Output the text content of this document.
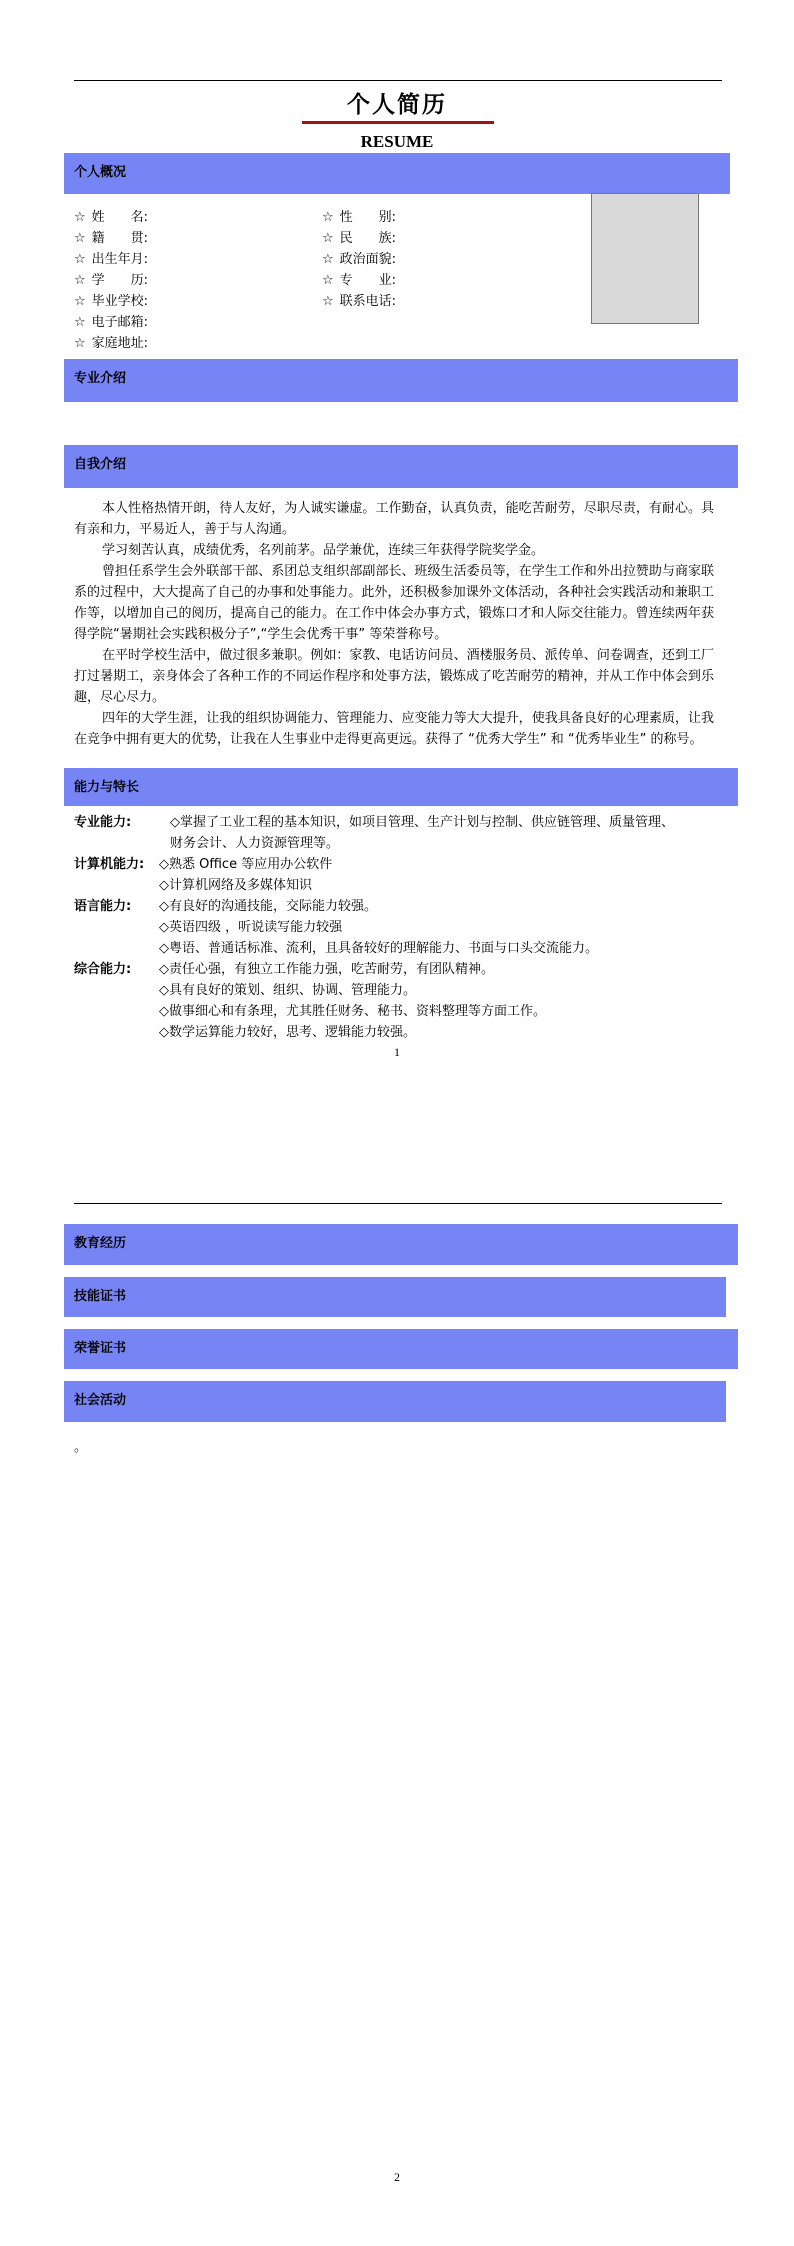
个人简历
RESUME
个人概况
☆ 姓　　名:
☆ 籍　　贯:
☆ 出生年月:
☆ 学　　历:
☆ 毕业学校:
☆ 电子邮箱:
☆ 家庭地址:
☆ 性　　别:
☆ 民　　族:
☆ 政治面貌:
☆ 专　　业:
☆ 联系电话:
专业介绍
自我介绍
本人性格热情开朗，待人友好，为人诚实谦虚。工作勤奋，认真负责，能吃苦耐劳，尽职尽责，有耐心。具有亲和力，平易近人，善于与人沟通。
学习刻苦认真，成绩优秀，名列前茅。品学兼优，连续三年获得学院奖学金。
曾担任系学生会外联部干部、系团总支组织部副部长、班级生活委员等，在学生工作和外出拉赞助与商家联系的过程中，大大提高了自己的办事和处事能力。此外，还积极参加课外文体活动，各种社会实践活动和兼职工作等，以增加自己的阅历，提高自己的能力。在工作中体会办事方式，锻炼口才和人际交往能力。曾连续两年获得学院“暑期社会实践积极分子”,“学生会优秀干事” 等荣誉称号。
在平时学校生活中，做过很多兼职。例如：家教、电话访问员、酒楼服务员、派传单、问卷调查，还到工厂打过暑期工，亲身体会了各种工作的不同运作程序和处事方法，锻炼成了吃苦耐劳的精神，并从工作中体会到乐趣，尽心尽力。
四年的大学生涯，让我的组织协调能力、管理能力、应变能力等大大提升，使我具备良好的心理素质，让我在竞争中拥有更大的优势，让我在人生事业中走得更高更远。获得了 “优秀大学生” 和 “优秀毕业生” 的称号。
能力与特长
专业能力:	◇掌握了工业工程的基本知识，如项目管理、生产计划与控制、供应链管理、质量管理、
财务会计、人力资源管理等。
计算机能力: ◇熟悉 Office 等应用办公软件
◇计算机网络及多媒体知识
语言能力: ◇有良好的沟通技能，交际能力较强。
◇英语四级 ，听说读写能力较强
◇粤语、普通话标准、流利，且具备较好的理解能力、书面与口头交流能力。
综合能力: ◇责任心强，有独立工作能力强，吃苦耐劳，有团队精神。
◇具有良好的策划、组织、协调、管理能力。
◇做事细心和有条理，尤其胜任财务、秘书、资料整理等方面工作。
◇数学运算能力较好，思考、逻辑能力较强。
1
教育经历
技能证书
荣誉证书
社会活动
。
2
